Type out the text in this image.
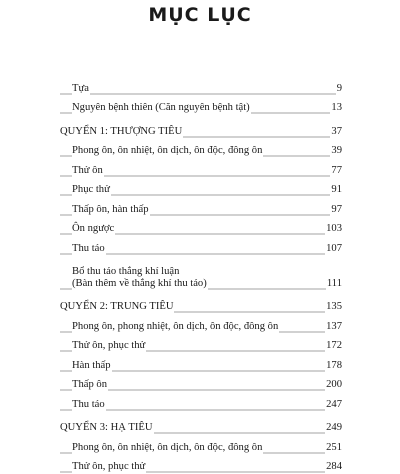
MỤC LỤC
Tựa	9
Nguyên bệnh thiên (Căn nguyên bệnh tật)	13
QUYỂN 1: THƯỢNG TIÊU	37
Phong ôn, ôn nhiệt, ôn dịch, ôn độc, đông ôn	39
Thử ôn	77
Phục thử	91
Thấp ôn, hàn thấp	97
Ôn ngược	103
Thu táo	107
Bổ thu táo thắng khí luận
(Bàn thêm về thắng khí thu táo)	111
QUYỂN 2: TRUNG TIÊU	135
Phong ôn, phong nhiệt, ôn dịch, ôn độc, đông ôn	137
Thử ôn, phục thử	172
Hàn thấp	178
Thấp ôn	200
Thu táo	247
QUYỂN 3: HẠ TIÊU	249
Phong ôn, ôn nhiệt, ôn dịch, ôn độc, đông ôn	251
Thử ôn, phục thử	284
